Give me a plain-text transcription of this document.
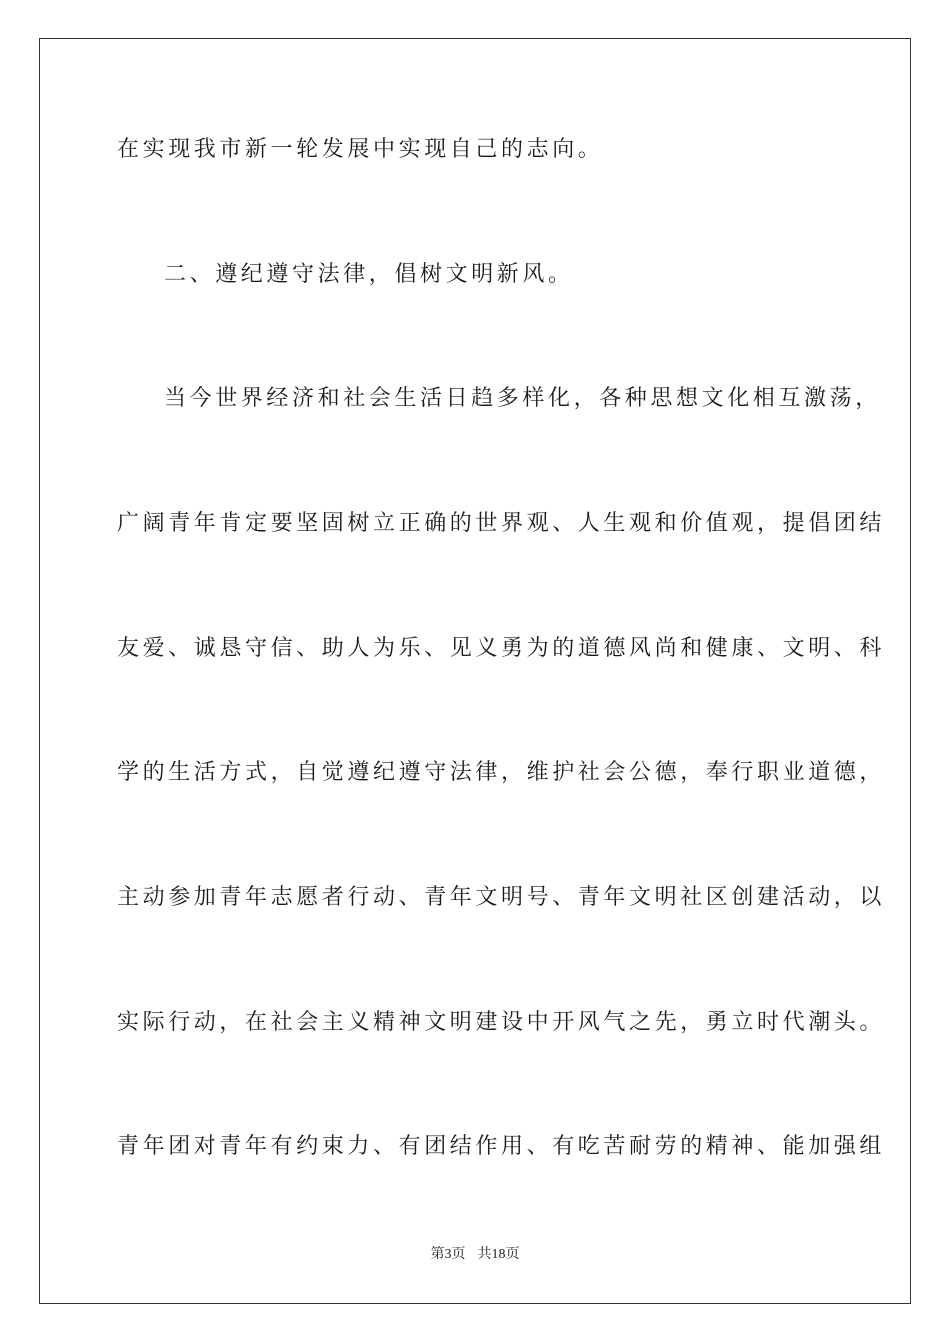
在实现我市新一轮发展中实现自己的志向。
二、遵纪遵守法律，倡树文明新风。
当今世界经济和社会生活日趋多样化，各种思想文化相互激荡，
广阔青年肯定要坚固树立正确的世界观、人生观和价值观，提倡团结
友爱、诚恳守信、助人为乐、见义勇为的道德风尚和健康、文明、科
学的生活方式，自觉遵纪遵守法律，维护社会公德，奉行职业道德，
主动参加青年志愿者行动、青年文明号、青年文明社区创建活动，以
实际行动，在社会主义精神文明建设中开风气之先，勇立时代潮头。
青年团对青年有约束力、有团结作用、有吃苦耐劳的精神、能加强组
第3页 共18页
